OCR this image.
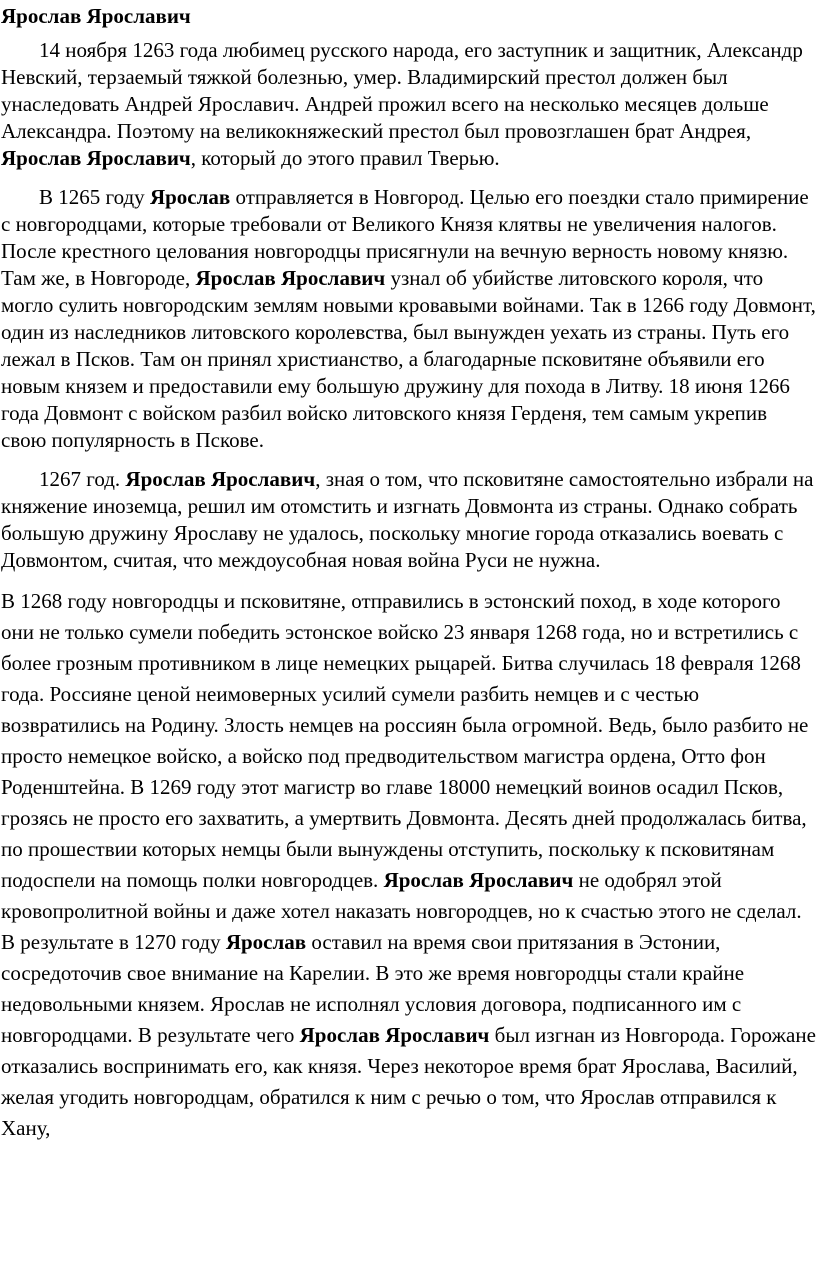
Ярослав Ярославич

14 ноября 1263 года любимец русского народа, его заступник и защитник, Александр Невский, терзаемый тяжкой болезнью, умер. Владимирский престол должен был унаследовать Андрей Ярославич. Андрей прожил всего на несколько месяцев дольше Александра. Поэтому на великокняжеский престол был провозглашен брат Андрея, Ярослав Ярославич, который до этого правил Тверью.

В 1265 году Ярослав отправляется в Новгород. Целью его поездки стало примирение с новгородцами, которые требовали от Великого Князя клятвы не увеличения налогов. После крестного целования новгородцы присягнули на вечную верность новому князю. Там же, в Новгороде, Ярослав Ярославич узнал об убийстве литовского короля, что могло сулить новгородским землям новыми кровавыми войнами. Так в 1266 году Довмонт, один из наследников литовского королевства, был вынужден уехать из страны. Путь его лежал в Псков. Там он принял христианство, а благодарные псковитяне объявили его новым князем и предоставили ему большую дружину для похода в Литву. 18 июня 1266 года Довмонт с войском разбил войско литовского князя Герденя, тем самым укрепив свою популярность в Пскове.

1267 год. Ярослав Ярославич, зная о том, что псковитяне самостоятельно избрали на княжение иноземца, решил им отомстить и изгнать Довмонта из страны. Однако собрать большую дружину Ярославу не удалось, поскольку многие города отказались воевать с Довмонтом, считая, что междоусобная новая война Руси не нужна.

В 1268 году новгородцы и псковитяне, отправились в эстонский поход, в ходе которого они не только сумели победить эстонское войско 23 января 1268 года, но и встретились с более грозным противником в лице немецких рыцарей. Битва случилась 18 февраля 1268 года. Россияне ценой неимоверных усилий сумели разбить немцев и с честью возвратились на Родину. Злость немцев на россиян была огромной. Ведь, было разбито не просто немецкое войско, а войско под предводительством магистра ордена, Отто фон Роденштейна. В 1269 году этот магистр во главе 18000 немецкий воинов осадил Псков, грозясь не просто его захватить, а умертвить Довмонта. Десять дней продолжалась битва, по прошествии которых немцы были вынуждены отступить, поскольку к псковитянам подоспели на помощь полки новгородцев. Ярослав Ярославич не одобрял этой кровопролитной войны и даже хотел наказать новгородцев, но к счастью этого не сделал. В результате в 1270 году Ярослав оставил на время свои притязания в Эстонии, сосредоточив свое внимание на Карелии. В это же время новгородцы стали крайне недовольными князем. Ярослав не исполнял условия договора, подписанного им с новгородцами. В результате чего Ярослав Ярославич был изгнан из Новгорода. Горожане отказались воспринимать его, как князя. Через некоторое время брат Ярослава, Василий, желая угодить новгородцам, обратился к ним с речью о том, что Ярослав отправился к Хану,
